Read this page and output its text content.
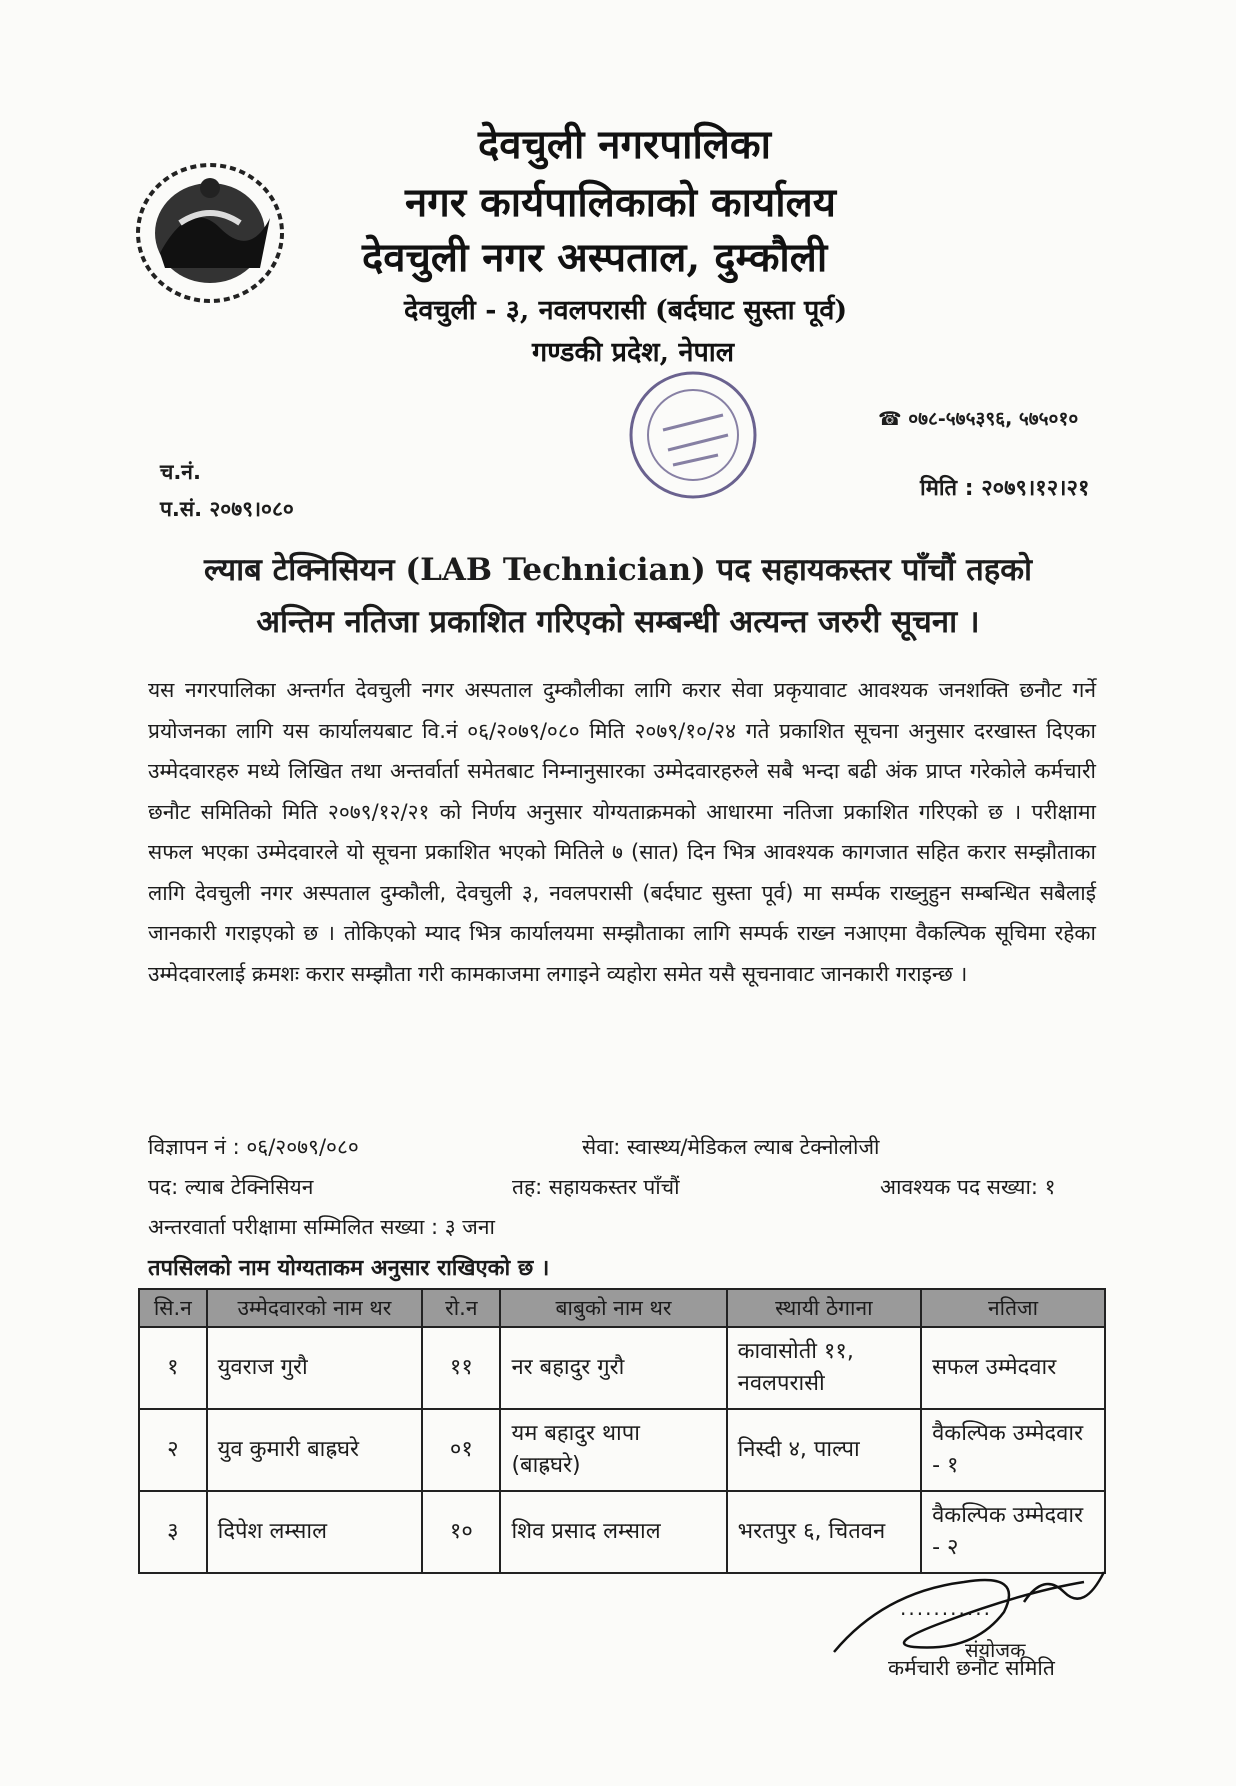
देवचुली नगरपालिका
नगर कार्यपालिकाको कार्यालय
देवचुली नगर अस्पताल, दुम्कौली
देवचुली - ३, नवलपरासी (बर्दघाट सुस्ता पूर्व)
गण्डकी प्रदेश, नेपाल
☎ ०७८-५७५३९६, ५७५०१०
च.नं.
प.सं. २०७९।०८०
मिति : २०७९।१२।२१
ल्याब टेक्निसियन (LAB Technician) पद सहायकस्तर पाँचौं तहको
अन्तिम नतिजा प्रकाशित गरिएको सम्बन्धी अत्यन्त जरुरी सूचना ।
यस नगरपालिका अन्तर्गत देवचुली नगर अस्पताल दुम्कौलीका लागि करार सेवा प्रकृयावाट आवश्यक जनशक्ति छनौट गर्ने प्रयोजनका लागि यस कार्यालयबाट वि.नं ०६/२०७९/०८० मिति २०७९/१०/२४ गते प्रकाशित सूचना अनुसार दरखास्त दिएका उम्मेदवारहरु मध्ये लिखित तथा अन्तर्वार्ता समेतबाट निम्नानुसारका उम्मेदवारहरुले सबै भन्दा बढी अंक प्राप्त गरेकोले कर्मचारी छनौट समितिको मिति २०७९/१२/२१ को निर्णय अनुसार योग्यताक्रमको आधारमा नतिजा प्रकाशित गरिएको छ । परीक्षामा सफल भएका उम्मेदवारले यो सूचना प्रकाशित भएको मितिले ७ (सात) दिन भित्र आवश्यक कागजात सहित करार सम्झौताका लागि देवचुली नगर अस्पताल दुम्कौली, देवचुली ३, नवलपरासी (बर्दघाट सुस्ता पूर्व) मा सर्म्पक राख्नुहुन सम्बन्धित सबैलाई जानकारी गराइएको छ । तोकिएको म्याद भित्र कार्यालयमा सम्झौताका लागि सम्पर्क राख्न नआएमा वैकल्पिक सूचिमा रहेका उम्मेदवारलाई क्रमशः करार सम्झौता गरी कामकाजमा लगाइने व्यहोरा समेत यसै सूचनावाट जानकारी गराइन्छ ।
विज्ञापन नं : ०६/२०७९/०८०	सेवा: स्वास्थ्य/मेडिकल ल्याब टेक्नोलोजी
पद: ल्याब टेक्निसियन	तह: सहायकस्तर पाँचौं	आवश्यक पद सख्या: १
अन्तरवार्ता परीक्षामा सम्मिलित सख्या : ३ जना
तपसिलको नाम योग्यताकम अनुसार राखिएको छ ।
सि.न	उम्मेदवारको नाम थर	रो.न	बाबुको नाम थर	स्थायी ठेगाना	नतिजा
१	युवराज गुरौ	११	नर बहादुर गुरौ	कावासोती ११, नवलपरासी	सफल उम्मेदवार
२	युव कुमारी बाह्रघरे	०१	यम बहादुर थापा (बाह्रघरे)	निस्दी ४, पाल्पा	वैकल्पिक उम्मेदवार - १
३	दिपेश लम्साल	१०	शिव प्रसाद लम्साल	भरतपुर ६, चितवन	वैकल्पिक उम्मेदवार - २
...........
संयोजक
कर्मचारी छनौट समिति
